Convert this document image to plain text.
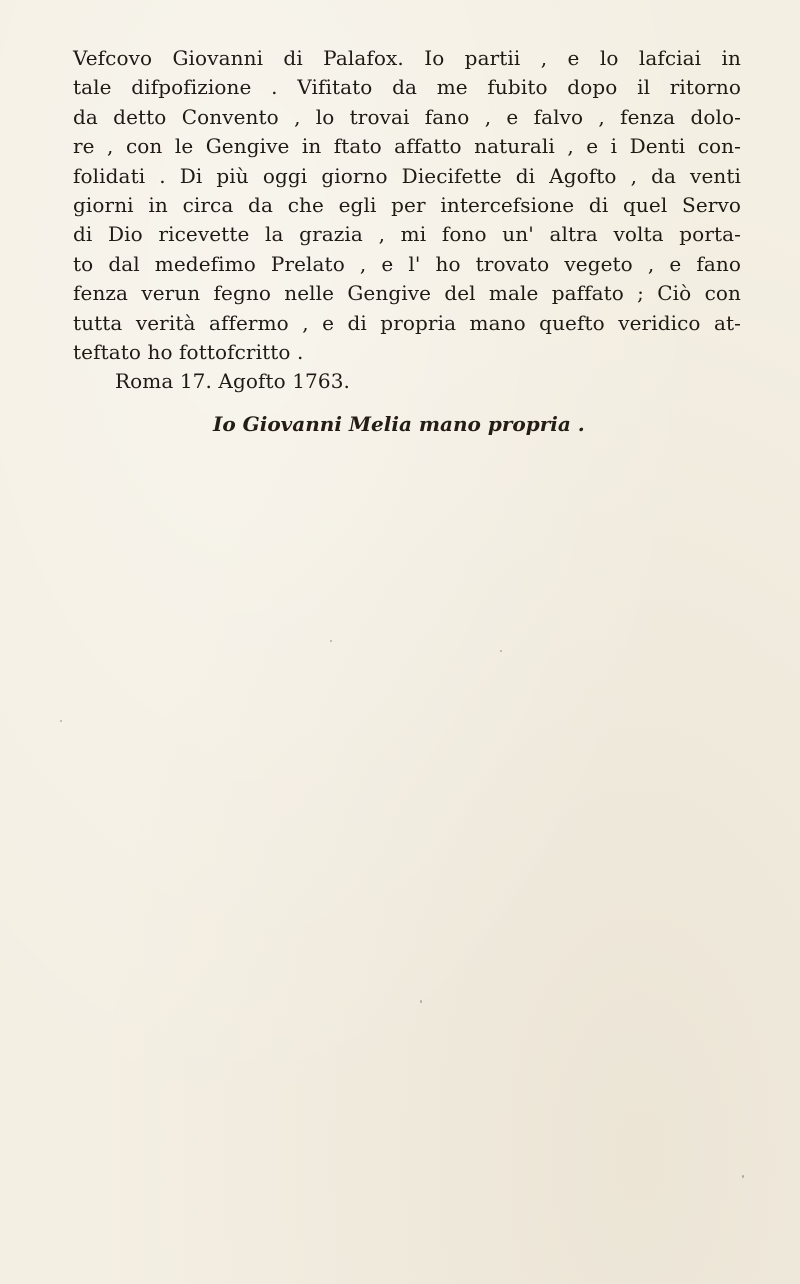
Vefcovo Giovanni di Palafox. Io partii , e lo lafciai in
tale difpofizione . Vifitato da me fubito dopo il ritorno
da detto Convento , lo trovai fano , e falvo , fenza dolo-
re , con le Gengive in ftato affatto naturali , e i Denti con-
folidati . Di più oggi giorno Diecifette di Agofto , da venti
giorni in circa da che egli per intercefsione di quel Servo
di Dio ricevette la grazia , mi fono un' altra volta porta-
to dal medefimo Prelato , e l' ho trovato vegeto , e fano
fenza verun fegno nelle Gengive del male paffato ; Ciò con
tutta verità affermo , e di propria mano quefto veridico at-
teftato ho fottofcritto .
Roma 17. Agofto 1763.
Io Giovanni Melia mano propria .
